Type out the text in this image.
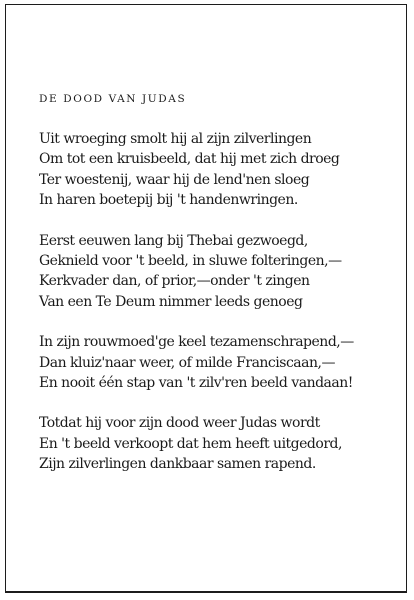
DE DOOD VAN JUDAS
Uit wroeging smolt hij al zijn zilverlingen
Om tot een kruisbeeld, dat hij met zich droeg
Ter woestenij, waar hij de lend'nen sloeg
In haren boetepij bij 't handenwringen.
Eerst eeuwen lang bij Thebai gezwoegd,
Geknield voor 't beeld, in sluwe folteringen,—
Kerkvader dan, of prior,—onder 't zingen
Van een Te Deum nimmer leeds genoeg
In zijn rouwmoed'ge keel tezamenschrapend,—
Dan kluiz'naar weer, of milde Franciscaan,—
En nooit één stap van 't zilv'ren beeld vandaan!
Totdat hij voor zijn dood weer Judas wordt
En 't beeld verkoopt dat hem heeft uitgedord,
Zijn zilverlingen dankbaar samen rapend.
